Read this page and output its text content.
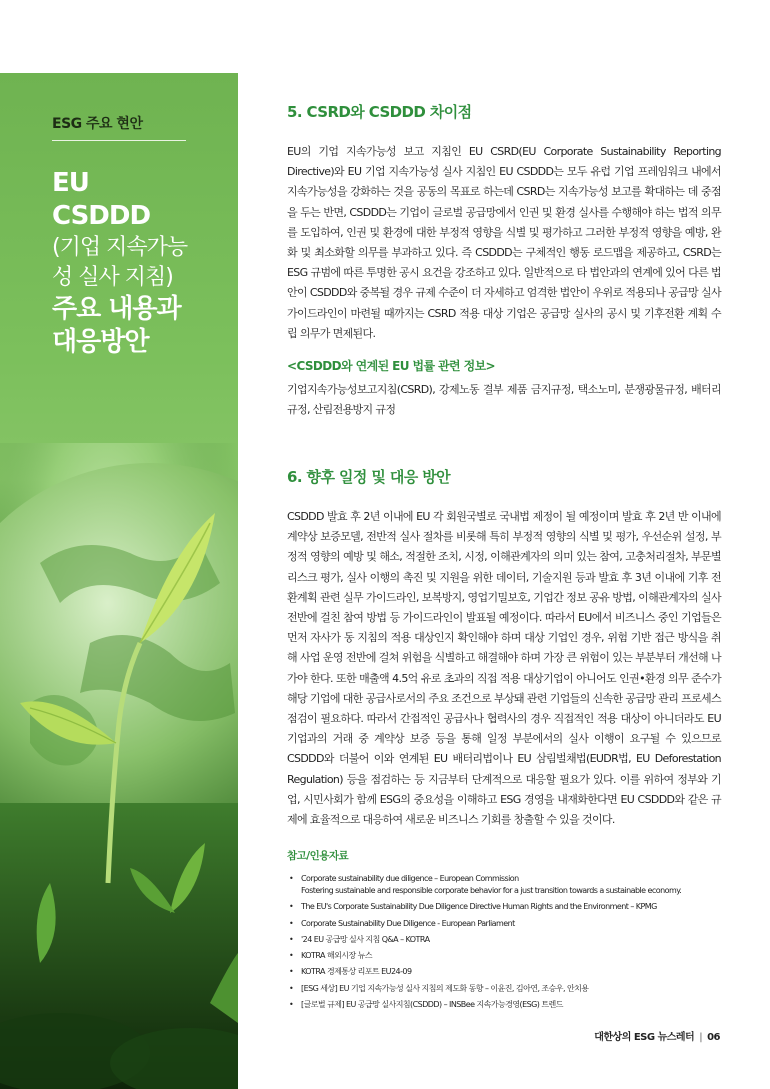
ESG 주요 현안
EU
CSDDD
(기업 지속가능
성 실사 지침)
주요 내용과
대응방안
5. CSRD와 CSDDD 차이점

EU의 기업 지속가능성 보고 지침인 EU CSRD(EU Corporate Sustainability Reporting Directive)와 EU 기업 지속가능성 실사 지침인 EU CSDDD는 모두 유럽 기업 프레임워크 내에서 지속가능성을 강화하는 것을 공동의 목표로 하는데 CSRD는 지속가능성 보고를 확대하는 데 중점을 두는 반면, CSDDD는 기업이 글로벌 공급망에서 인권 및 환경 실사를 수행해야 하는 법적 의무를 도입하여, 인권 및 환경에 대한 부정적 영향을 식별 및 평가하고 그러한 부정적 영향을 예방, 완화 및 최소화할 의무를 부과하고 있다. 즉 CSDDD는 구체적인 행동 로드맵을 제공하고, CSRD는 ESG 규범에 따른 투명한 공시 요건을 강조하고 있다. 일반적으로 타 법안과의 연계에 있어 다른 법안이 CSDDD와 중복될 경우 규제 수준이 더 자세하고 엄격한 법안이 우위로 적용되나 공급망 실사 가이드라인이 마련될 때까지는 CSRD 적용 대상 기업은 공급망 실사의 공시 및 기후전환 계획 수립 의무가 면제된다.

<CSDDD와 연계된 EU 법률 관련 정보>

기업지속가능성보고지침(CSRD), 강제노동 결부 제품 금지규정, 택소노미, 분쟁광물규정, 배터리 규정, 산림전용방지 규정

6. 향후 일정 및 대응 방안

CSDDD 발효 후 2년 이내에 EU 각 회원국별로 국내법 제정이 될 예정이며 발효 후 2년 반 이내에 계약상 보증모델, 전반적 실사 절차를 비롯해 특히 부정적 영향의 식별 및 평가, 우선순위 설정, 부정적 영향의 예방 및 해소, 적절한 조치, 시정, 이해관계자의 의미 있는 참여, 고충처리절차, 부문별 리스크 평가, 실사 이행의 촉진 및 지원을 위한 데이터, 기술지원 등과 발효 후 3년 이내에 기후 전환계획 관련 실무 가이드라인, 보복방지, 영업기밀보호, 기업간 정보 공유 방법, 이해관계자의 실사 전반에 걸친 참여 방법 등 가이드라인이 발표될 예정이다. 따라서 EU에서 비즈니스 중인 기업들은 먼저 자사가 동 지침의 적용 대상인지 확인해야 하며 대상 기업인 경우, 위험 기반 접근 방식을 취해 사업 운영 전반에 걸쳐 위험을 식별하고 해결해야 하며 가장 큰 위험이 있는 부분부터 개선해 나가야 한다. 또한 매출액 4.5억 유로 초과의 직접 적용 대상기업이 아니어도 인권•환경 의무 준수가 해당 기업에 대한 공급사로서의 주요 조건으로 부상돼 관련 기업들의 신속한 공급망 관리 프로세스 점검이 필요하다. 따라서 간접적인 공급사나 협력사의 경우 직접적인 적용 대상이 아니더라도 EU 기업과의 거래 중 계약상 보증 등을 통해 일정 부분에서의 실사 이행이 요구될 수 있으므로 CSDDD와 더불어 이와 연계된 EU 배터리법이나 EU 삼림벌채법(EUDR법, EU Deforestation Regulation) 등을 점검하는 등 지금부터 단계적으로 대응할 필요가 있다. 이를 위하여 정부와 기업, 시민사회가 함께 ESG의 중요성을 이해하고 ESG 경영을 내재화한다면 EU CSDDD와 같은 규제에 효율적으로 대응하여 새로운 비즈니스 기회를 창출할 수 있을 것이다.

참고/인용자료
• Corporate sustainability due diligence – European Commission
Fostering sustainable and responsible corporate behavior for a just transition towards a sustainable economy.
• The EU's Corporate Sustainability Due Diligence Directive Human Rights and the Environment – KPMG
• Corporate Sustainability Due Diligence - European Parliament
• '24 EU 공급망 실사 지침 Q&A – KOTRA
• KOTRA 해외시장 뉴스
• KOTRA 경제통상 리포트 EU24-09
• [ESG 세상] EU 기업 지속가능성 실사 지침의 제도화 동향 – 이윤진, 김아연, 조승우, 안치용
• [글로벌 규제] EU 공급망 실사지침(CSDDD) – INSBee 지속가능경영(ESG) 트렌드
대한상의 ESG 뉴스레터 | 06
